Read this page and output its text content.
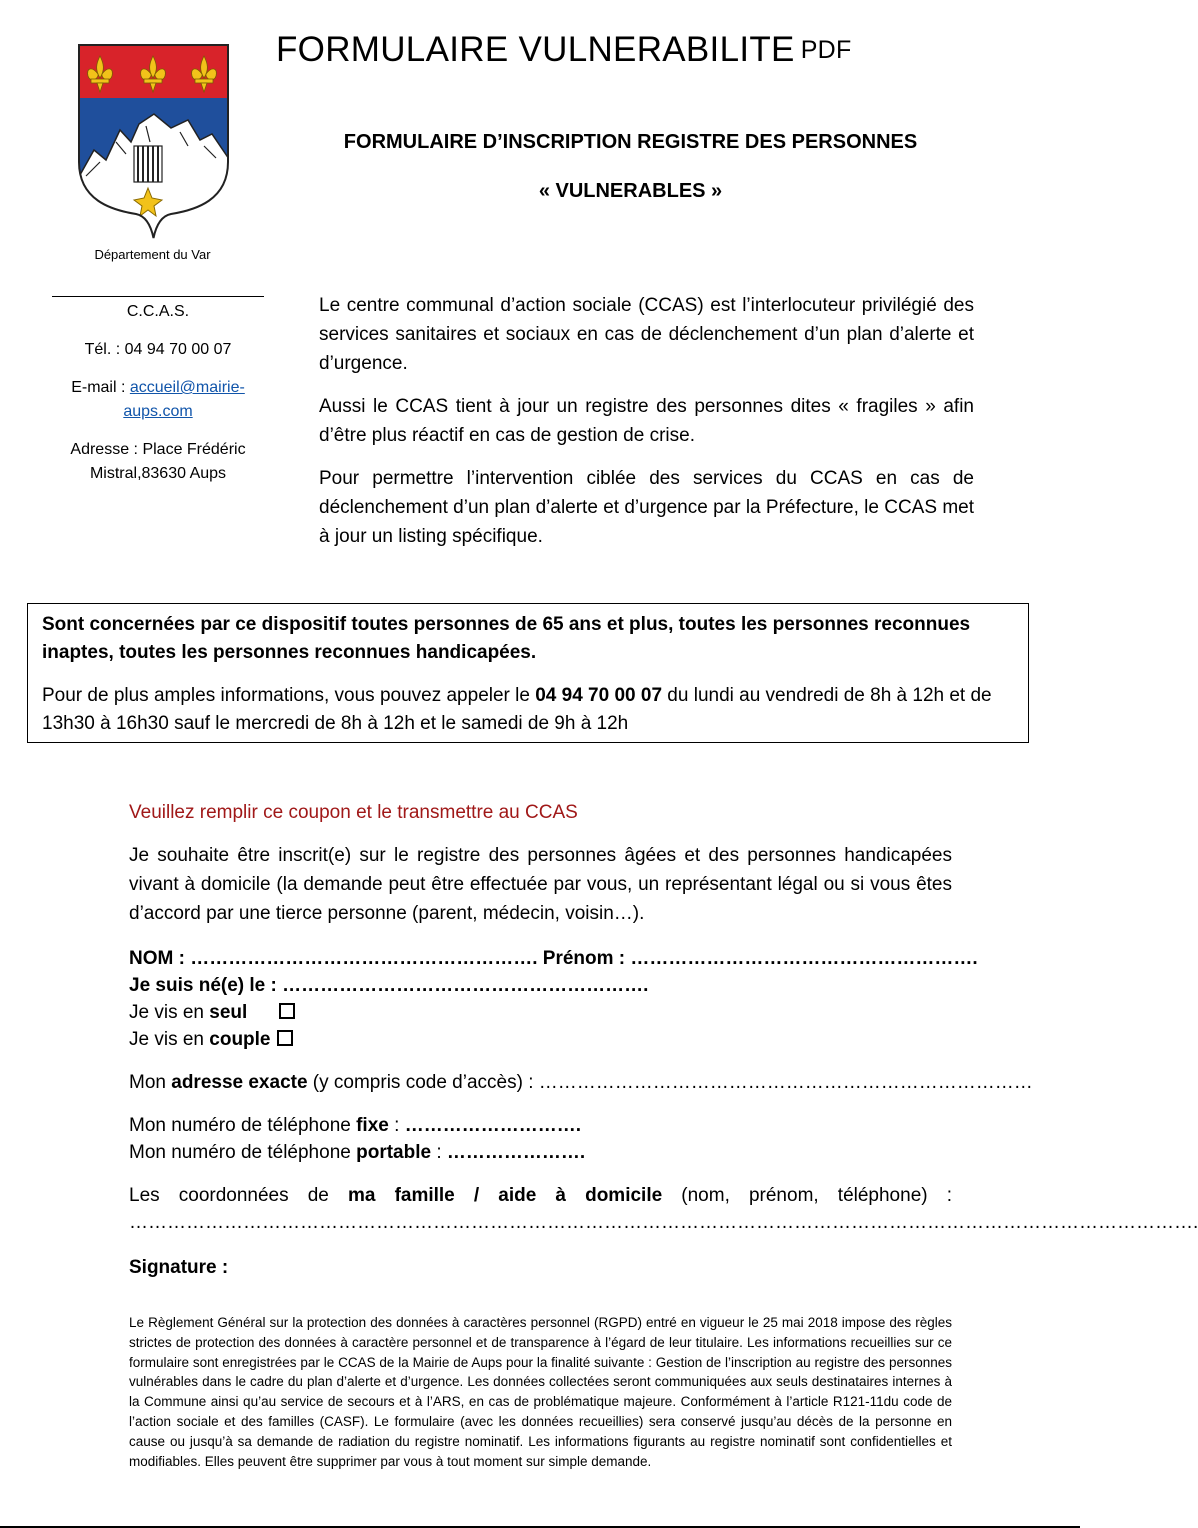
FORMULAIRE VULNERABILITE $^{PDF}$
Département du Var
FORMULAIRE D’INSCRIPTION REGISTRE DES PERSONNES
« VULNERABLES »

C.C.A.S.

Tél. : 04 94 70 00 07

E-mail : accueil@mairie-

aups.com

Adresse : Place Frédéric

Mistral,83630 Aups

Le centre communal d’action sociale (CCAS) est l’interlocuteur privilégié des services sanitaires et sociaux en cas de déclenchement d’un plan d’alerte et d’urgence.

Aussi le CCAS tient à jour un registre des personnes dites « fragiles » afin d’être plus réactif en cas de gestion de crise.

Pour permettre l’intervention ciblée des services du CCAS en cas de déclenchement d’un plan d’alerte et d’urgence par la Préfecture, le CCAS met à jour un listing spécifique.

Sont concernées par ce dispositif toutes personnes de 65 ans et plus, toutes les personnes reconnues inaptes, toutes les personnes reconnues handicapées.

Pour de plus amples informations, vous pouvez appeler le 04 94 70 00 07 du lundi au vendredi de 8h à 12h et de 13h30 à 16h30 sauf le mercredi de 8h à 12h et le samedi de 9h à 12h

Veuillez remplir ce coupon et le transmettre au CCAS

Je souhaite être inscrit(e) sur le registre des personnes âgées et des personnes handicapées vivant à domicile (la demande peut être effectuée par vous, un représentant légal ou si vous êtes d’accord par une tierce personne (parent, médecin, voisin…).

NOM : ………………………………………………. Prénom : ……………………………………………….

Je suis né(e) le : ………………………………………………….

Je vis en seul

Je vis en couple

Mon adresse exacte (y compris code d’accès) : ……………………………………………………………………

Mon numéro de téléphone fixe : ……………………….

Mon numéro de téléphone portable : ………………….

Les coordonnées de ma famille / aide à domicile (nom, prénom, téléphone) :

…………………………………………………………………………………………………………………………………………………….

Signature :

Le Règlement Général sur la protection des données à caractères personnel (RGPD) entré en vigueur le 25 mai 2018 impose des règles strictes de protection des données à caractère personnel et de transparence à l’égard de leur titulaire. Les informations recueillies sur ce formulaire sont enregistrées par le CCAS de la Mairie de Aups pour la finalité suivante : Gestion de l’inscription au registre des personnes vulnérables dans le cadre du plan d’alerte et d’urgence. Les données collectées seront communiquées aux seuls destinataires internes à la Commune ainsi qu’au service de secours et à l’ARS, en cas de problématique majeure. Conformément à l’article R121-11du code de l’action sociale et des familles (CASF). Le formulaire (avec les données recueillies) sera conservé jusqu’au décès de la personne en cause ou jusqu’à sa demande de radiation du registre nominatif. Les informations figurants au registre nominatif sont confidentielles et modifiables. Elles peuvent être supprimer par vous à tout moment sur simple demande.
